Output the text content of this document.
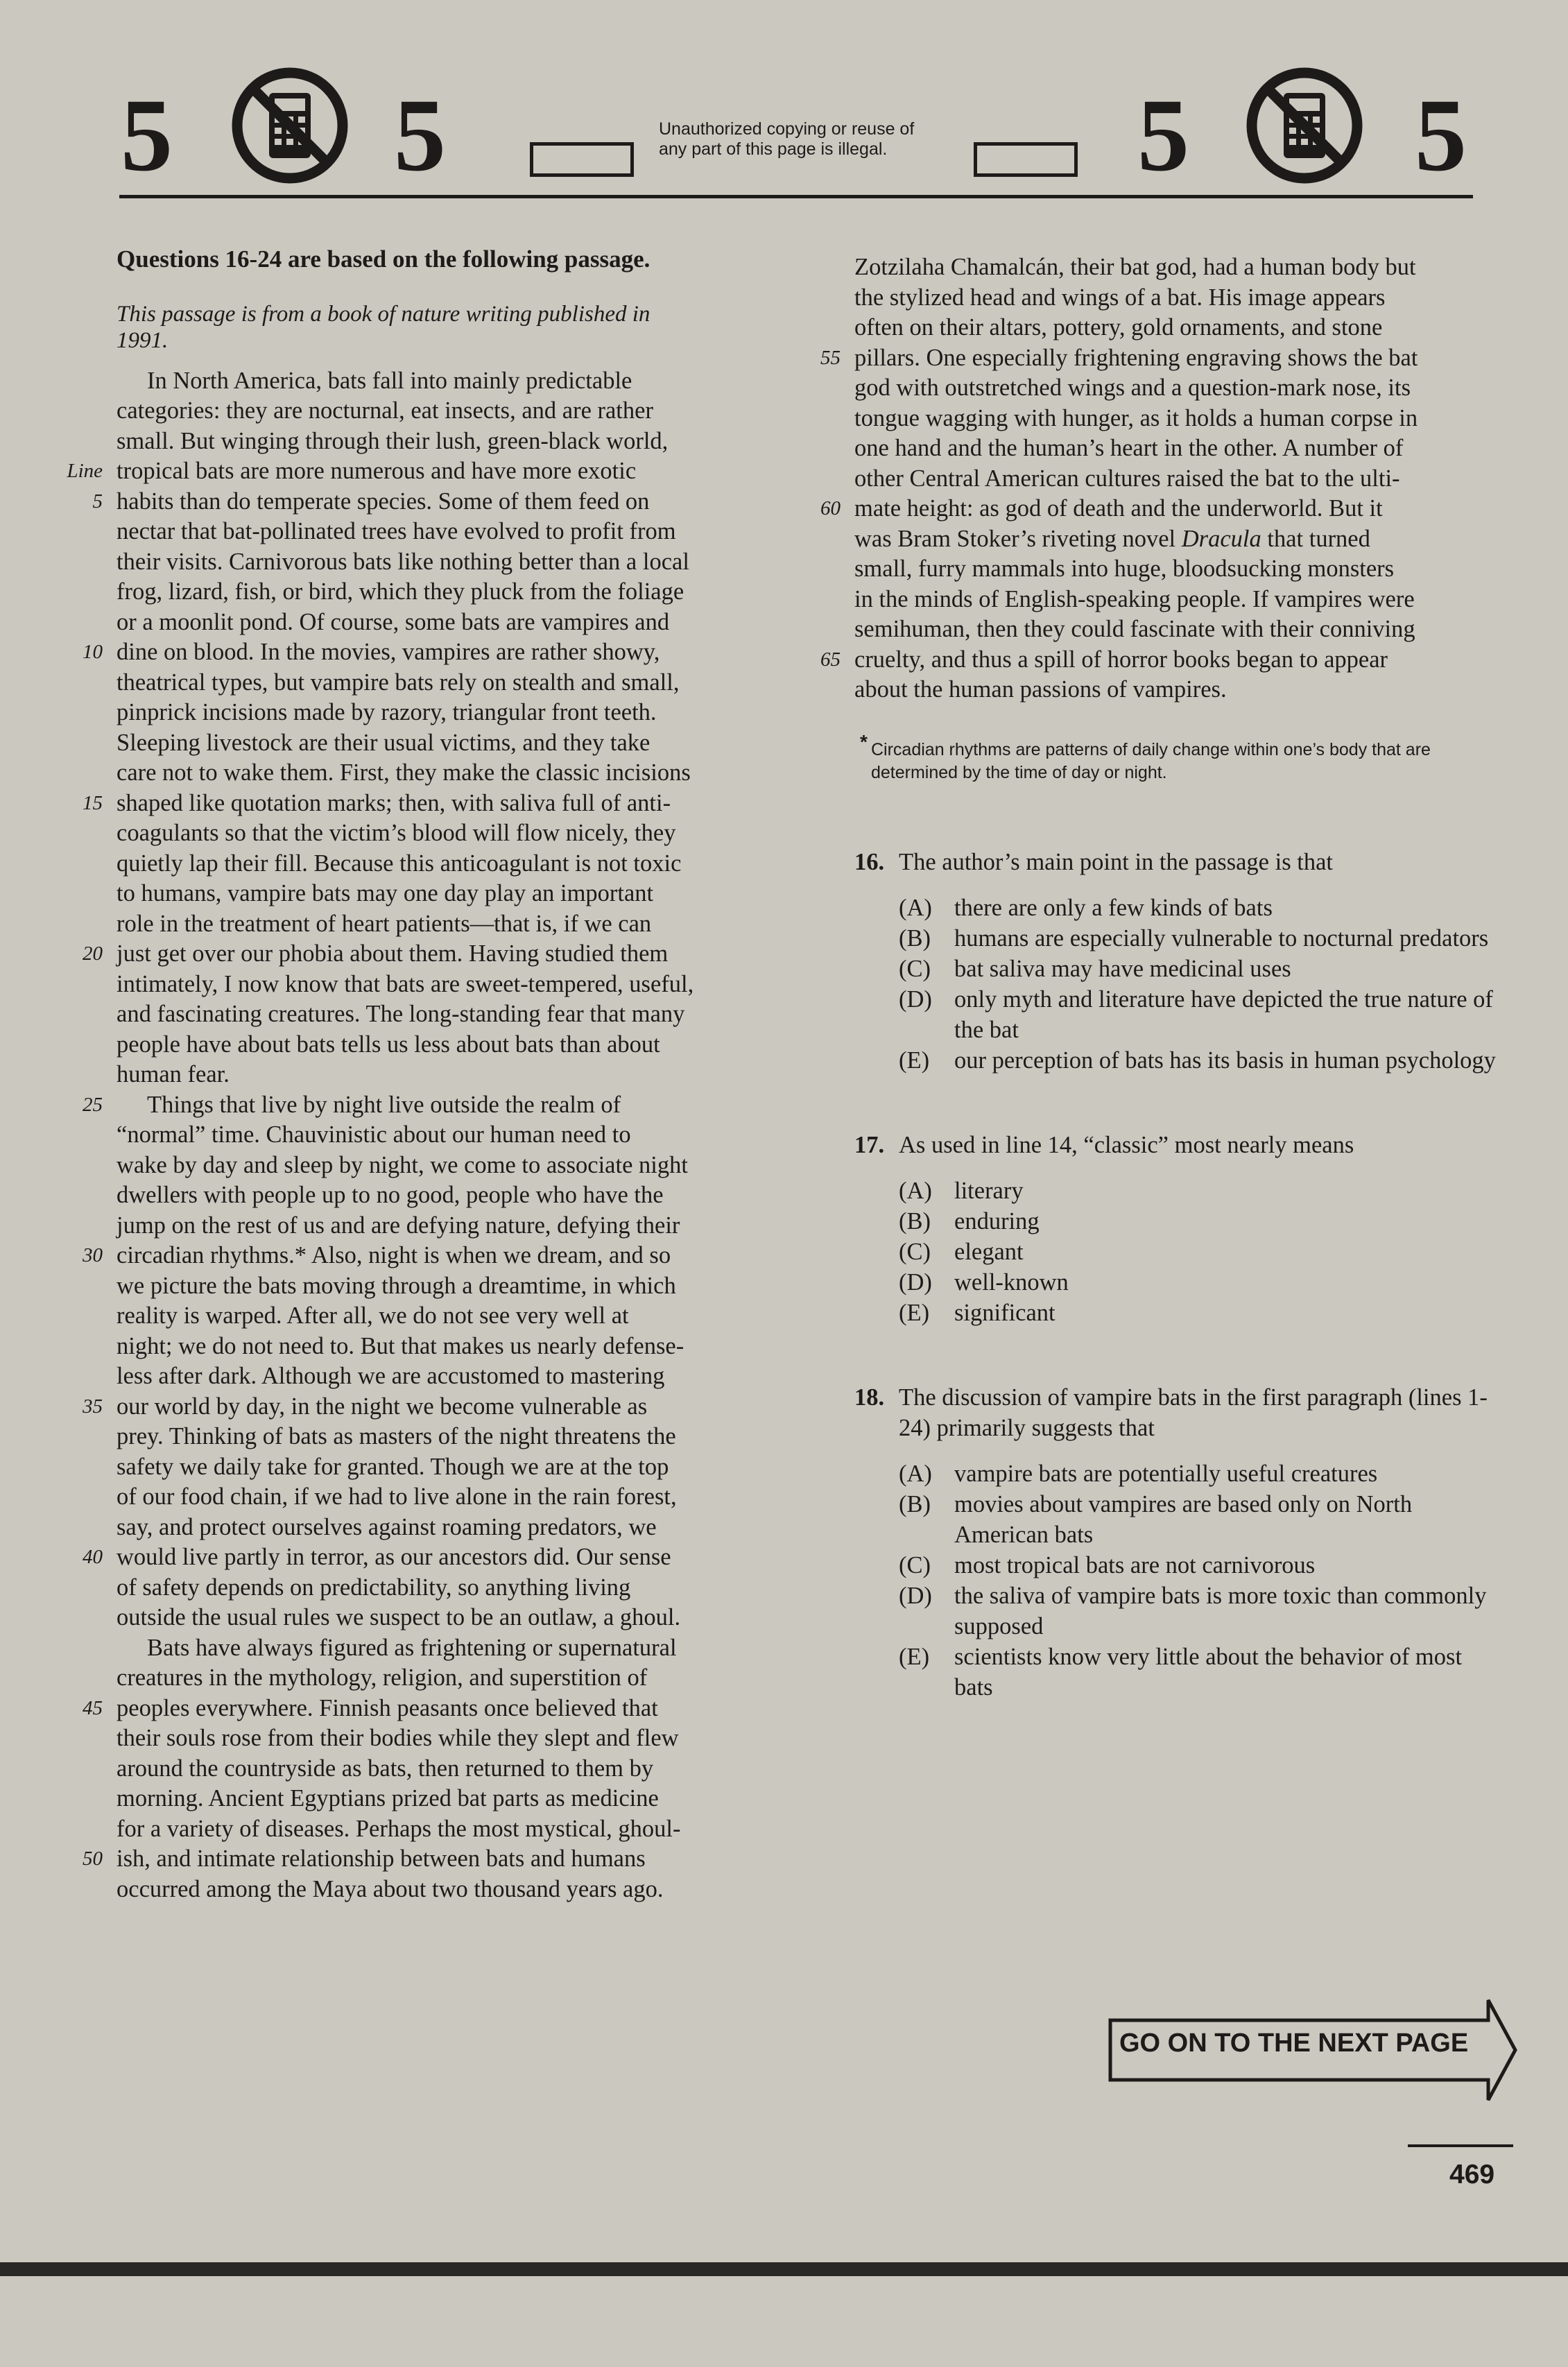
5 5	Unauthorized copying or reuse of
any part of this page is illegal. 5 5
Questions 16-24 are based on the following passage.
This passage is from a book of nature writing published in
1991.
In North America, bats fall into mainly predictable
categories: they are nocturnal, eat insects, and are rather
small. But winging through their lush, green-black world,
Line tropical bats are more numerous and have more exotic
5 habits than do temperate species. Some of them feed on
nectar that bat-pollinated trees have evolved to profit from
their visits. Carnivorous bats like nothing better than a local
frog, lizard, fish, or bird, which they pluck from the foliage
or a moonlit pond. Of course, some bats are vampires and
10 dine on blood. In the movies, vampires are rather showy,
theatrical types, but vampire bats rely on stealth and small,
pinprick incisions made by razory, triangular front teeth.
Sleeping livestock are their usual victims, and they take
care not to wake them. First, they make the classic incisions
15 shaped like quotation marks; then, with saliva full of anti-
coagulants so that the victim’s blood will flow nicely, they
quietly lap their fill. Because this anticoagulant is not toxic
to humans, vampire bats may one day play an important
role in the treatment of heart patients—that is, if we can
20 just get over our phobia about them. Having studied them
intimately, I now know that bats are sweet-tempered, useful,
and fascinating creatures. The long-standing fear that many
people have about bats tells us less about bats than about
human fear.
25 Things that live by night live outside the realm of
“normal” time. Chauvinistic about our human need to
wake by day and sleep by night, we come to associate night
dwellers with people up to no good, people who have the
jump on the rest of us and are defying nature, defying their
30 circadian rhythms.* Also, night is when we dream, and so
we picture the bats moving through a dreamtime, in which
reality is warped. After all, we do not see very well at
night; we do not need to. But that makes us nearly defense-
less after dark. Although we are accustomed to mastering
35 our world by day, in the night we become vulnerable as
prey. Thinking of bats as masters of the night threatens the
safety we daily take for granted. Though we are at the top
of our food chain, if we had to live alone in the rain forest,
say, and protect ourselves against roaming predators, we
40 would live partly in terror, as our ancestors did. Our sense
of safety depends on predictability, so anything living
outside the usual rules we suspect to be an outlaw, a ghoul.
Bats have always figured as frightening or supernatural
creatures in the mythology, religion, and superstition of
45 peoples everywhere. Finnish peasants once believed that
their souls rose from their bodies while they slept and flew
around the countryside as bats, then returned to them by
morning. Ancient Egyptians prized bat parts as medicine
for a variety of diseases. Perhaps the most mystical, ghoul-
50 ish, and intimate relationship between bats and humans
occurred among the Maya about two thousand years ago.
Zotzilaha Chamalcán, their bat god, had a human body but
the stylized head and wings of a bat. His image appears
often on their altars, pottery, gold ornaments, and stone
55 pillars. One especially frightening engraving shows the bat
god with outstretched wings and a question-mark nose, its
tongue wagging with hunger, as it holds a human corpse in
one hand and the human’s heart in the other. A number of
other Central American cultures raised the bat to the ulti-
60 mate height: as god of death and the underworld. But it
was Bram Stoker’s riveting novel Dracula that turned
small, furry mammals into huge, bloodsucking monsters
in the minds of English-speaking people. If vampires were
semihuman, then they could fascinate with their conniving
65 cruelty, and thus a spill of horror books began to appear
about the human passions of vampires.
* Circadian rhythms are patterns of daily change within one’s body that are determined by the time of day or night.
16. The author’s main point in the passage is that
(A) there are only a few kinds of bats
(B) humans are especially vulnerable to nocturnal predators
(C) bat saliva may have medicinal uses
(D) only myth and literature have depicted the true nature of the bat
(E) our perception of bats has its basis in human psychology
17. As used in line 14, “classic” most nearly means
(A) literary
(B) enduring
(C) elegant
(D) well-known
(E) significant
18. The discussion of vampire bats in the first paragraph (lines 1-24) primarily suggests that
(A) vampire bats are potentially useful creatures
(B) movies about vampires are based only on North American bats
(C) most tropical bats are not carnivorous
(D) the saliva of vampire bats is more toxic than commonly supposed
(E) scientists know very little about the behavior of most bats
GO ON TO THE NEXT PAGE
469
